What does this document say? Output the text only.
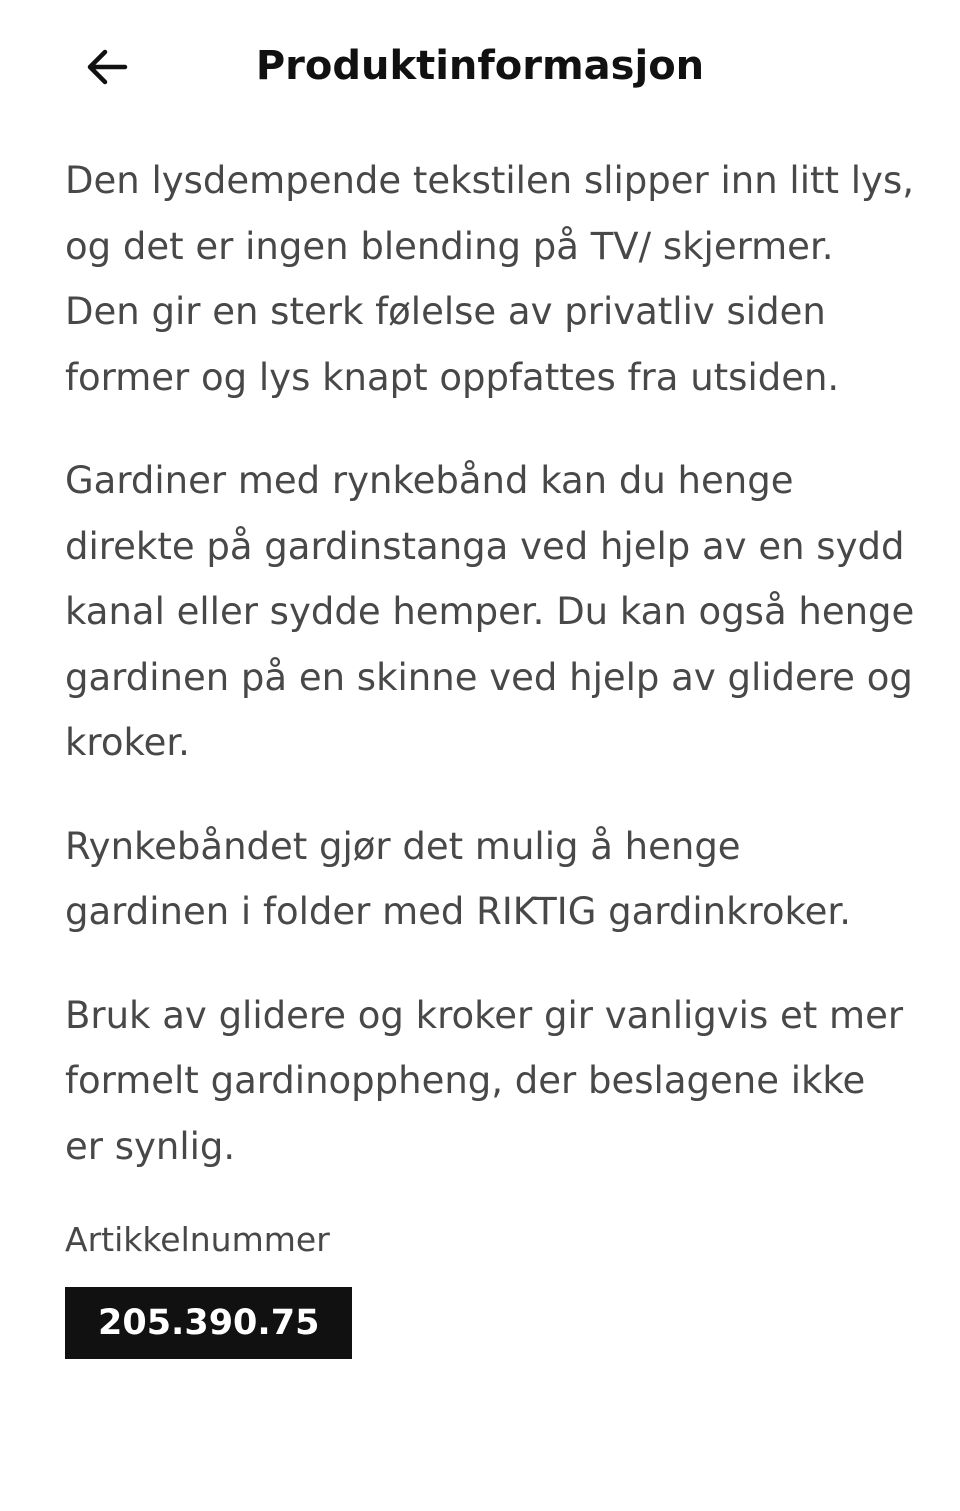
Produktinformasjon

Den lysdempende tekstilen slipper inn litt lys, og det er ingen blending på TV/ skjermer. Den gir en sterk følelse av privatliv siden former og lys knapt oppfattes fra utsiden.

Gardiner med rynkebånd kan du henge direkte på gardinstanga ved hjelp av en sydd kanal eller sydde hemper. Du kan også henge gardinen på en skinne ved hjelp av glidere og kroker.

Rynkebåndet gjør det mulig å henge gardinen i folder med RIKTIG gardinkroker.

Bruk av glidere og kroker gir vanligvis et mer formelt gardinoppheng, der beslagene ikke er synlig.

Artikkelnummer
205.390.75
